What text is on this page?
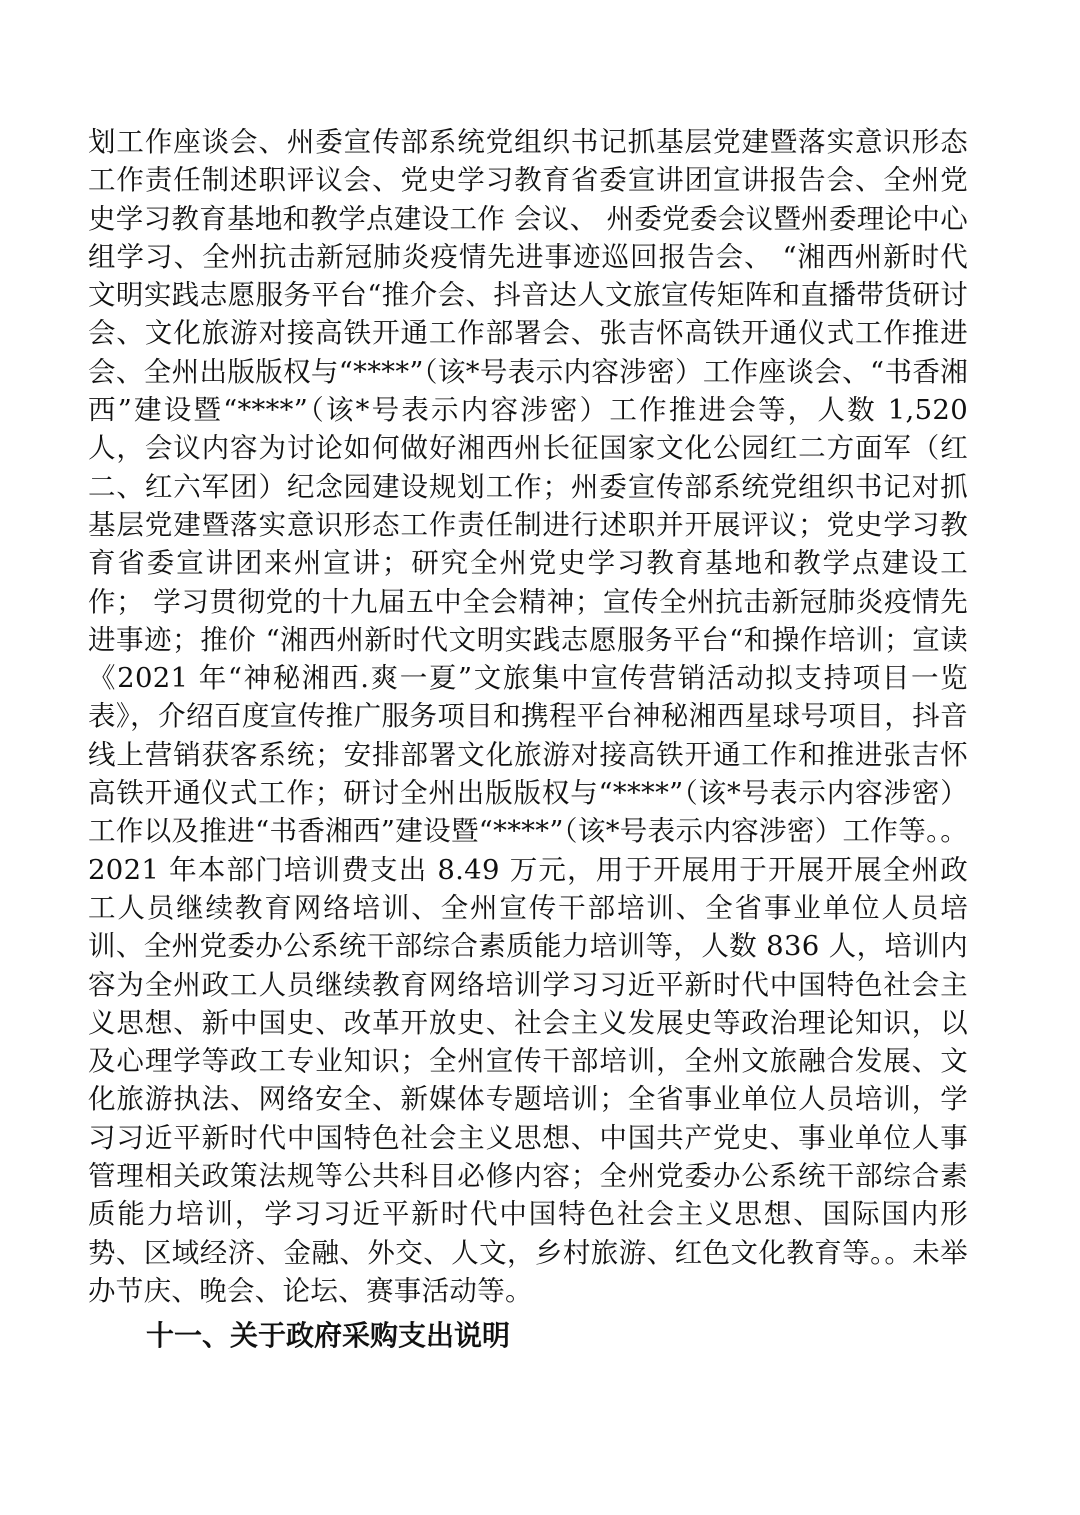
划工作座谈会、州委宣传部系统党组织书记抓基层党建暨落实意识形态工作责任制述职评议会、党史学习教育省委宣讲团宣讲报告会、全州党史学习教育基地和教学点建设工作 会议、 州委党委会议暨州委理论中心组学习、全州抗击新冠肺炎疫情先进事迹巡回报告会、 “湘西州新时代文明实践志愿服务平台“推介会、抖音达人文旅宣传矩阵和直播带货研讨会、文化旅游对接高铁开通工作部署会、张吉怀高铁开通仪式工作推进会、全州出版版权与“****”（该*号表示内容涉密）工作座谈会、“书香湘西”建设暨“****”（该*号表示内容涉密）工作推进会等，人数 1,520 人，会议内容为讨论如何做好湘西州长征国家文化公园红二方面军（红二、红六军团）纪念园建设规划工作；州委宣传部系统党组织书记对抓基层党建暨落实意识形态工作责任制进行述职并开展评议；党史学习教育省委宣讲团来州宣讲；研究全州党史学习教育基地和教学点建设工作； 学习贯彻党的十九届五中全会精神；宣传全州抗击新冠肺炎疫情先进事迹；推价 “湘西州新时代文明实践志愿服务平台“和操作培训；宣读《2021 年“神秘湘西.爽一夏”文旅集中宣传营销活动拟支持项目一览表》，介绍百度宣传推广服务项目和携程平台神秘湘西星球号项目，抖音线上营销获客系统；安排部署文化旅游对接高铁开通工作和推进张吉怀高铁开通仪式工作；研讨全州出版版权与“****”（该*号表示内容涉密）工作以及推进“书香湘西”建设暨“****”（该*号表示内容涉密）工作等。。2021 年本部门培训费支出 8.49 万元，用于开展用于开展开展全州政工人员继续教育网络培训、全州宣传干部培训、全省事业单位人员培训、全州党委办公系统干部综合素质能力培训等，人数 836 人，培训内容为全州政工人员继续教育网络培训学习习近平新时代中国特色社会主义思想、新中国史、改革开放史、社会主义发展史等政治理论知识，以及心理学等政工专业知识；全州宣传干部培训，全州文旅融合发展、文化旅游执法、网络安全、新媒体专题培训；全省事业单位人员培训，学习习近平新时代中国特色社会主义思想、中国共产党史、事业单位人事管理相关政策法规等公共科目必修内容；全州党委办公系统干部综合素质能力培训，学习习近平新时代中国特色社会主义思想、国际国内形势、区域经济、金融、外交、人文，乡村旅游、红色文化教育等。。未举办节庆、晚会、论坛、赛事活动等。

十一、关于政府采购支出说明
